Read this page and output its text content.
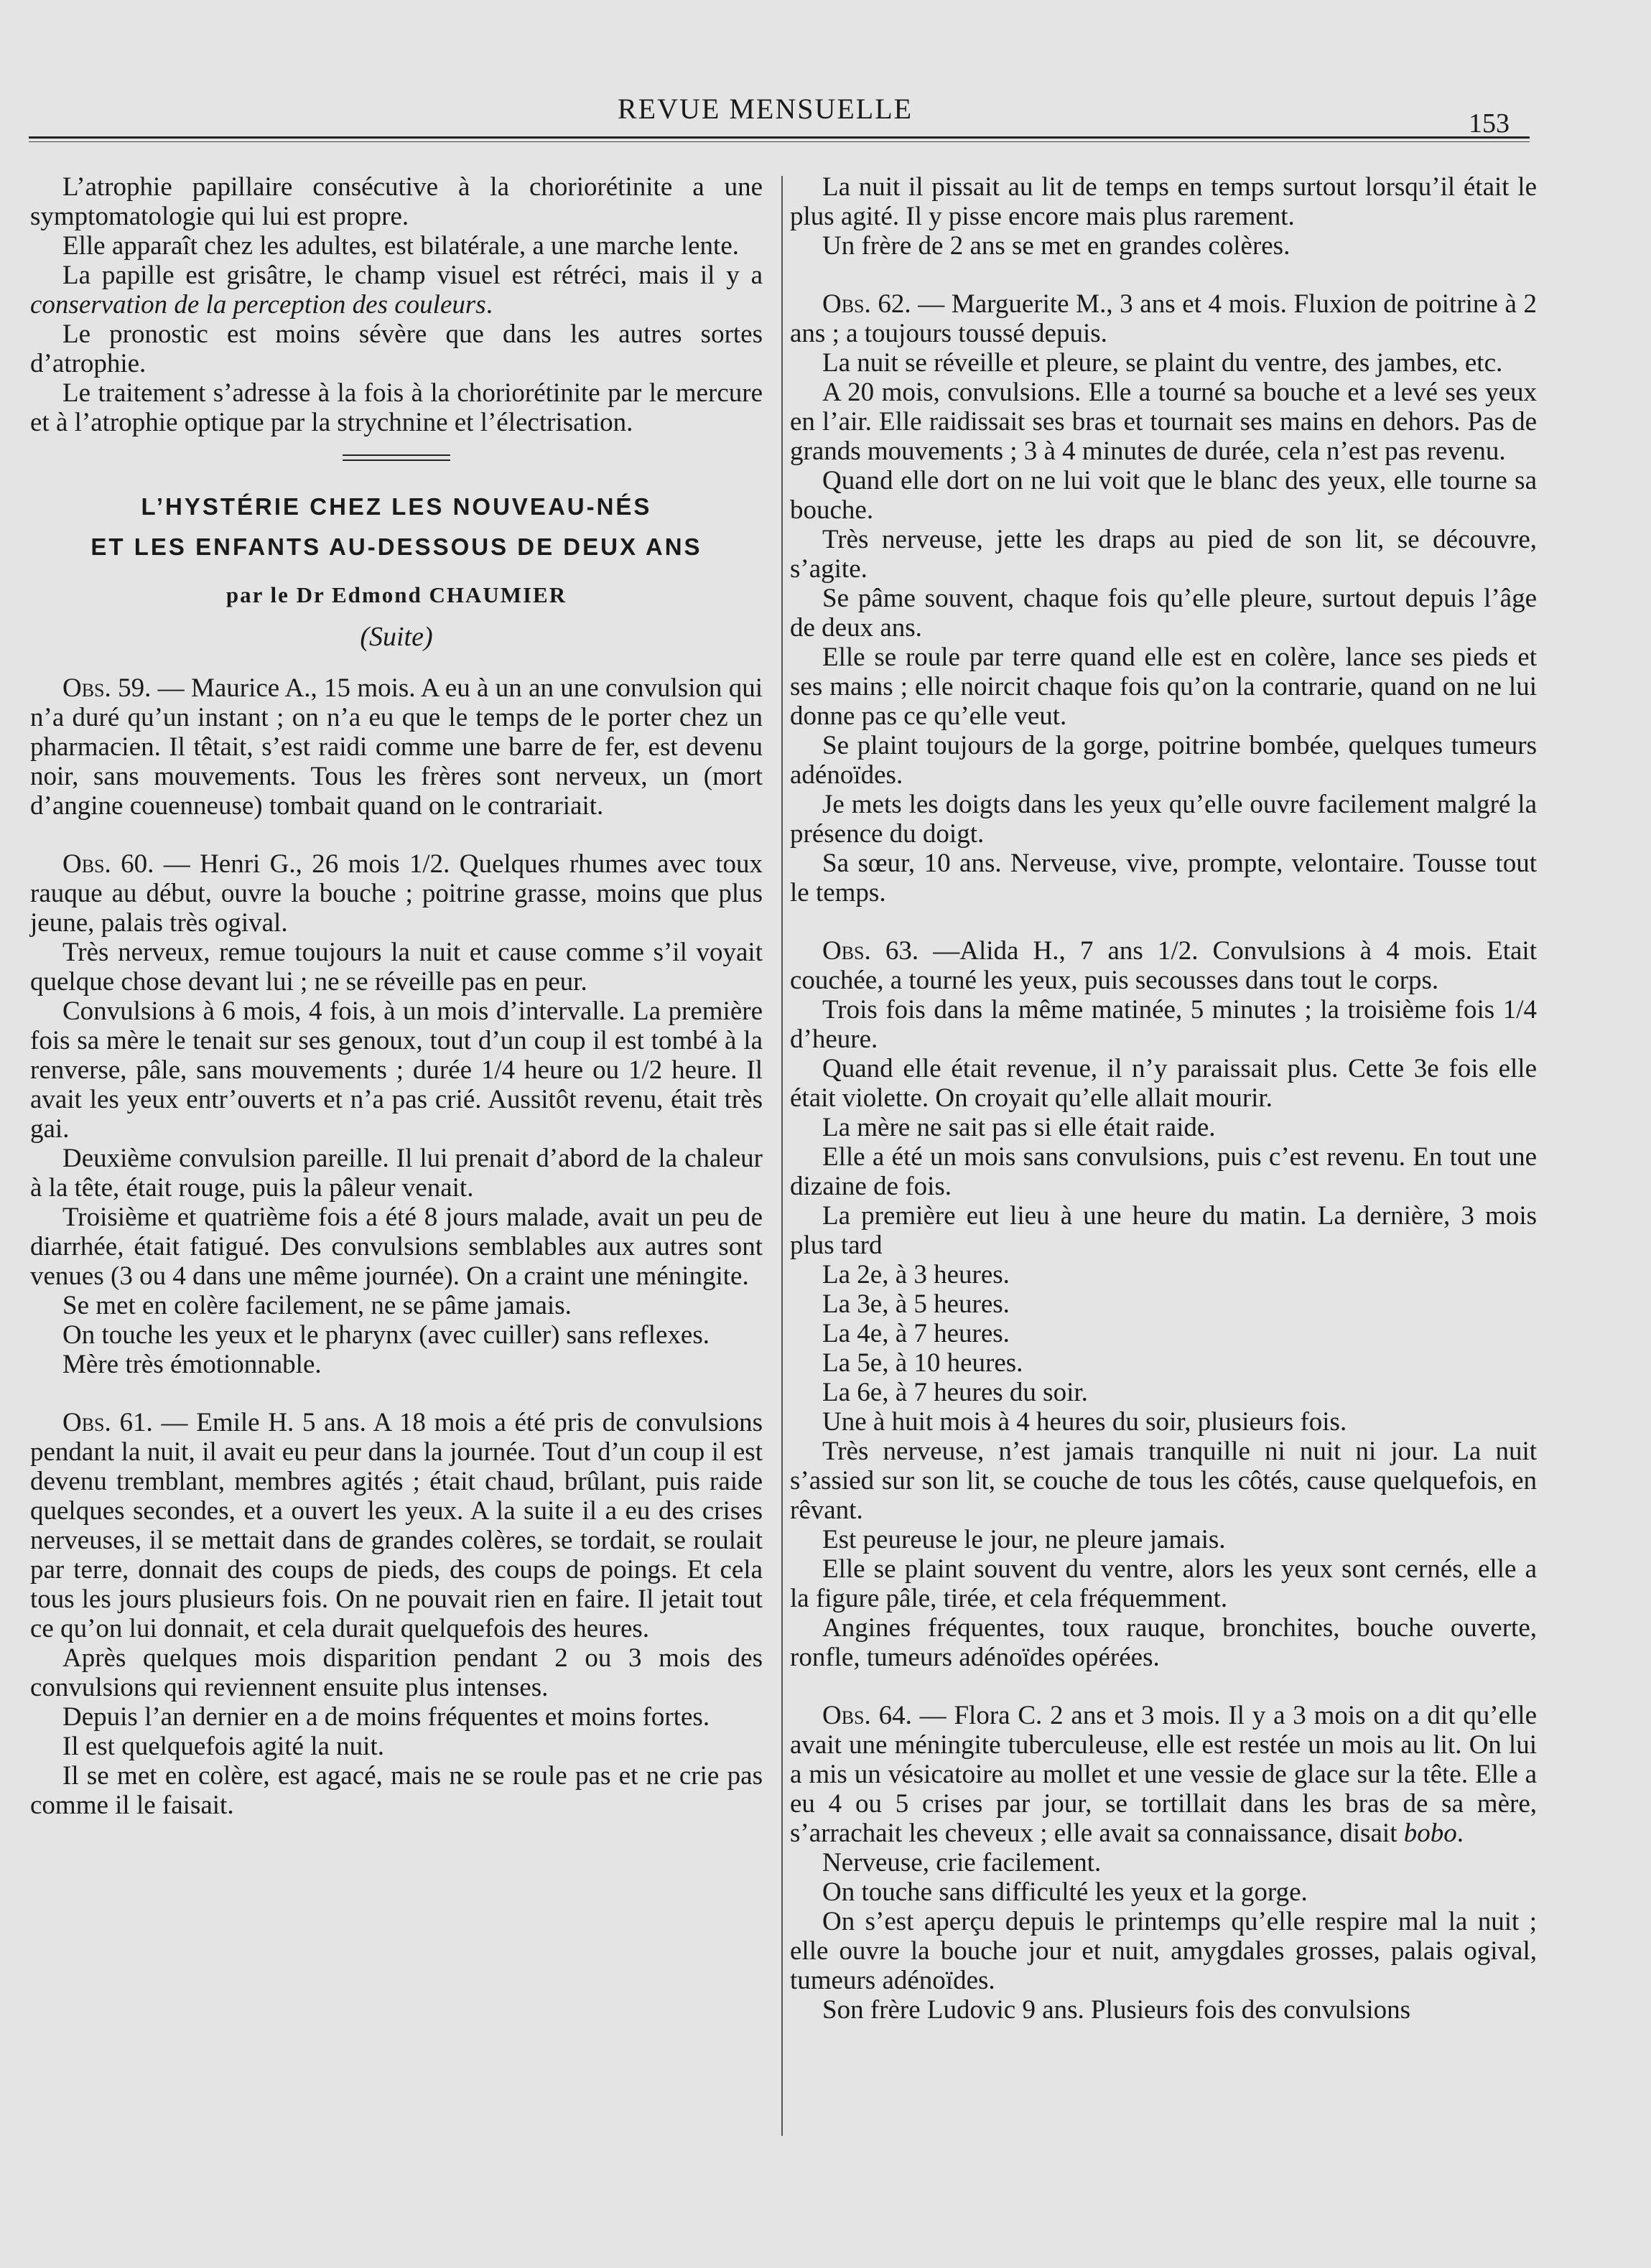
REVUE MENSUELLE	153

L’atrophie papillaire consécutive à la choriorétinite a une symptomatologie qui lui est propre.

Elle apparaît chez les adultes, est bilatérale, a une marche lente.

La papille est grisâtre, le champ visuel est rétréci, mais il y a conservation de la perception des couleurs.

Le pronostic est moins sévère que dans les autres sortes d’atrophie.

Le traitement s’adresse à la fois à la choriorétinite par le mercure et à l’atrophie optique par la strychnine et l’électrisation.

L’HYSTÉRIE CHEZ LES NOUVEAU-NÉS
ET LES ENFANTS AU-DESSOUS DE DEUX ANS
par le Dr Edmond CHAUMIER
(Suite)

Obs. 59. — Maurice A., 15 mois. A eu à un an une convulsion qui n’a duré qu’un instant ; on n’a eu que le temps de le porter chez un pharmacien. Il têtait, s’est raidi comme une barre de fer, est devenu noir, sans mouvements. Tous les frères sont nerveux, un (mort d’angine couenneuse) tombait quand on le contrariait.

Obs. 60. — Henri G., 26 mois 1/2. Quelques rhumes avec toux rauque au début, ouvre la bouche ; poitrine grasse, moins que plus jeune, palais très ogival.

Très nerveux, remue toujours la nuit et cause comme s’il voyait quelque chose devant lui ; ne se réveille pas en peur.

Convulsions à 6 mois, 4 fois, à un mois d’intervalle. La première fois sa mère le tenait sur ses genoux, tout d’un coup il est tombé à la renverse, pâle, sans mouvements ; durée 1/4 heure ou 1/2 heure. Il avait les yeux entr’ouverts et n’a pas crié. Aussitôt revenu, était très gai.

Deuxième convulsion pareille. Il lui prenait d’abord de la chaleur à la tête, était rouge, puis la pâleur venait.

Troisième et quatrième fois a été 8 jours malade, avait un peu de diarrhée, était fatigué. Des convulsions semblables aux autres sont venues (3 ou 4 dans une même journée). On a craint une méningite.

Se met en colère facilement, ne se pâme jamais.

On touche les yeux et le pharynx (avec cuiller) sans reflexes.

Mère très émotionnable.

Obs. 61. — Emile H. 5 ans. A 18 mois a été pris de convulsions pendant la nuit, il avait eu peur dans la journée. Tout d’un coup il est devenu tremblant, membres agités ; était chaud, brûlant, puis raide quelques secondes, et a ouvert les yeux. A la suite il a eu des crises nerveuses, il se mettait dans de grandes colères, se tordait, se roulait par terre, donnait des coups de pieds, des coups de poings. Et cela tous les jours plusieurs fois. On ne pouvait rien en faire. Il jetait tout ce qu’on lui donnait, et cela durait quelquefois des heures.

Après quelques mois disparition pendant 2 ou 3 mois des convulsions qui reviennent ensuite plus intenses.

Depuis l’an dernier en a de moins fréquentes et moins fortes.

Il est quelquefois agité la nuit.

Il se met en colère, est agacé, mais ne se roule pas et ne crie pas comme il le faisait.

La nuit il pissait au lit de temps en temps surtout lorsqu’il était le plus agité. Il y pisse encore mais plus rarement.

Un frère de 2 ans se met en grandes colères.

Obs. 62. — Marguerite M., 3 ans et 4 mois. Fluxion de poitrine à 2 ans ; a toujours toussé depuis.

La nuit se réveille et pleure, se plaint du ventre, des jambes, etc.

A 20 mois, convulsions. Elle a tourné sa bouche et a levé ses yeux en l’air. Elle raidissait ses bras et tournait ses mains en dehors. Pas de grands mouvements ; 3 à 4 minutes de durée, cela n’est pas revenu.

Quand elle dort on ne lui voit que le blanc des yeux, elle tourne sa bouche.

Très nerveuse, jette les draps au pied de son lit, se découvre, s’agite.

Se pâme souvent, chaque fois qu’elle pleure, surtout depuis l’âge de deux ans.

Elle se roule par terre quand elle est en colère, lance ses pieds et ses mains ; elle noircit chaque fois qu’on la contrarie, quand on ne lui donne pas ce qu’elle veut.

Se plaint toujours de la gorge, poitrine bombée, quelques tumeurs adénoïdes.

Je mets les doigts dans les yeux qu’elle ouvre facilement malgré la présence du doigt.

Sa sœur, 10 ans. Nerveuse, vive, prompte, velontaire. Tousse tout le temps.

Obs. 63. —Alida H., 7 ans 1/2. Convulsions à 4 mois. Etait couchée, a tourné les yeux, puis secousses dans tout le corps.

Trois fois dans la même matinée, 5 minutes ; la troisième fois 1/4 d’heure.

Quand elle était revenue, il n’y paraissait plus. Cette 3e fois elle était violette. On croyait qu’elle allait mourir.

La mère ne sait pas si elle était raide.

Elle a été un mois sans convulsions, puis c’est revenu. En tout une dizaine de fois.

La première eut lieu à une heure du matin. La dernière, 3 mois plus tard

La 2e, à 3 heures.

La 3e, à 5 heures.

La 4e, à 7 heures.

La 5e, à 10 heures.

La 6e, à 7 heures du soir.

Une à huit mois à 4 heures du soir, plusieurs fois.

Très nerveuse, n’est jamais tranquille ni nuit ni jour. La nuit s’assied sur son lit, se couche de tous les côtés, cause quelquefois, en rêvant.

Est peureuse le jour, ne pleure jamais.

Elle se plaint souvent du ventre, alors les yeux sont cernés, elle a la figure pâle, tirée, et cela fréquemment.

Angines fréquentes, toux rauque, bronchites, bouche ouverte, ronfle, tumeurs adénoïdes opérées.

Obs. 64. — Flora C. 2 ans et 3 mois. Il y a 3 mois on a dit qu’elle avait une méningite tuberculeuse, elle est restée un mois au lit. On lui a mis un vésicatoire au mollet et une vessie de glace sur la tête. Elle a eu 4 ou 5 crises par jour, se tortillait dans les bras de sa mère, s’arrachait les cheveux ; elle avait sa connaissance, disait bobo.

Nerveuse, crie facilement.

On touche sans difficulté les yeux et la gorge.

On s’est aperçu depuis le printemps qu’elle respire mal la nuit ; elle ouvre la bouche jour et nuit, amygdales grosses, palais ogival, tumeurs adénoïdes.

Son frère Ludovic 9 ans. Plusieurs fois des convulsions
